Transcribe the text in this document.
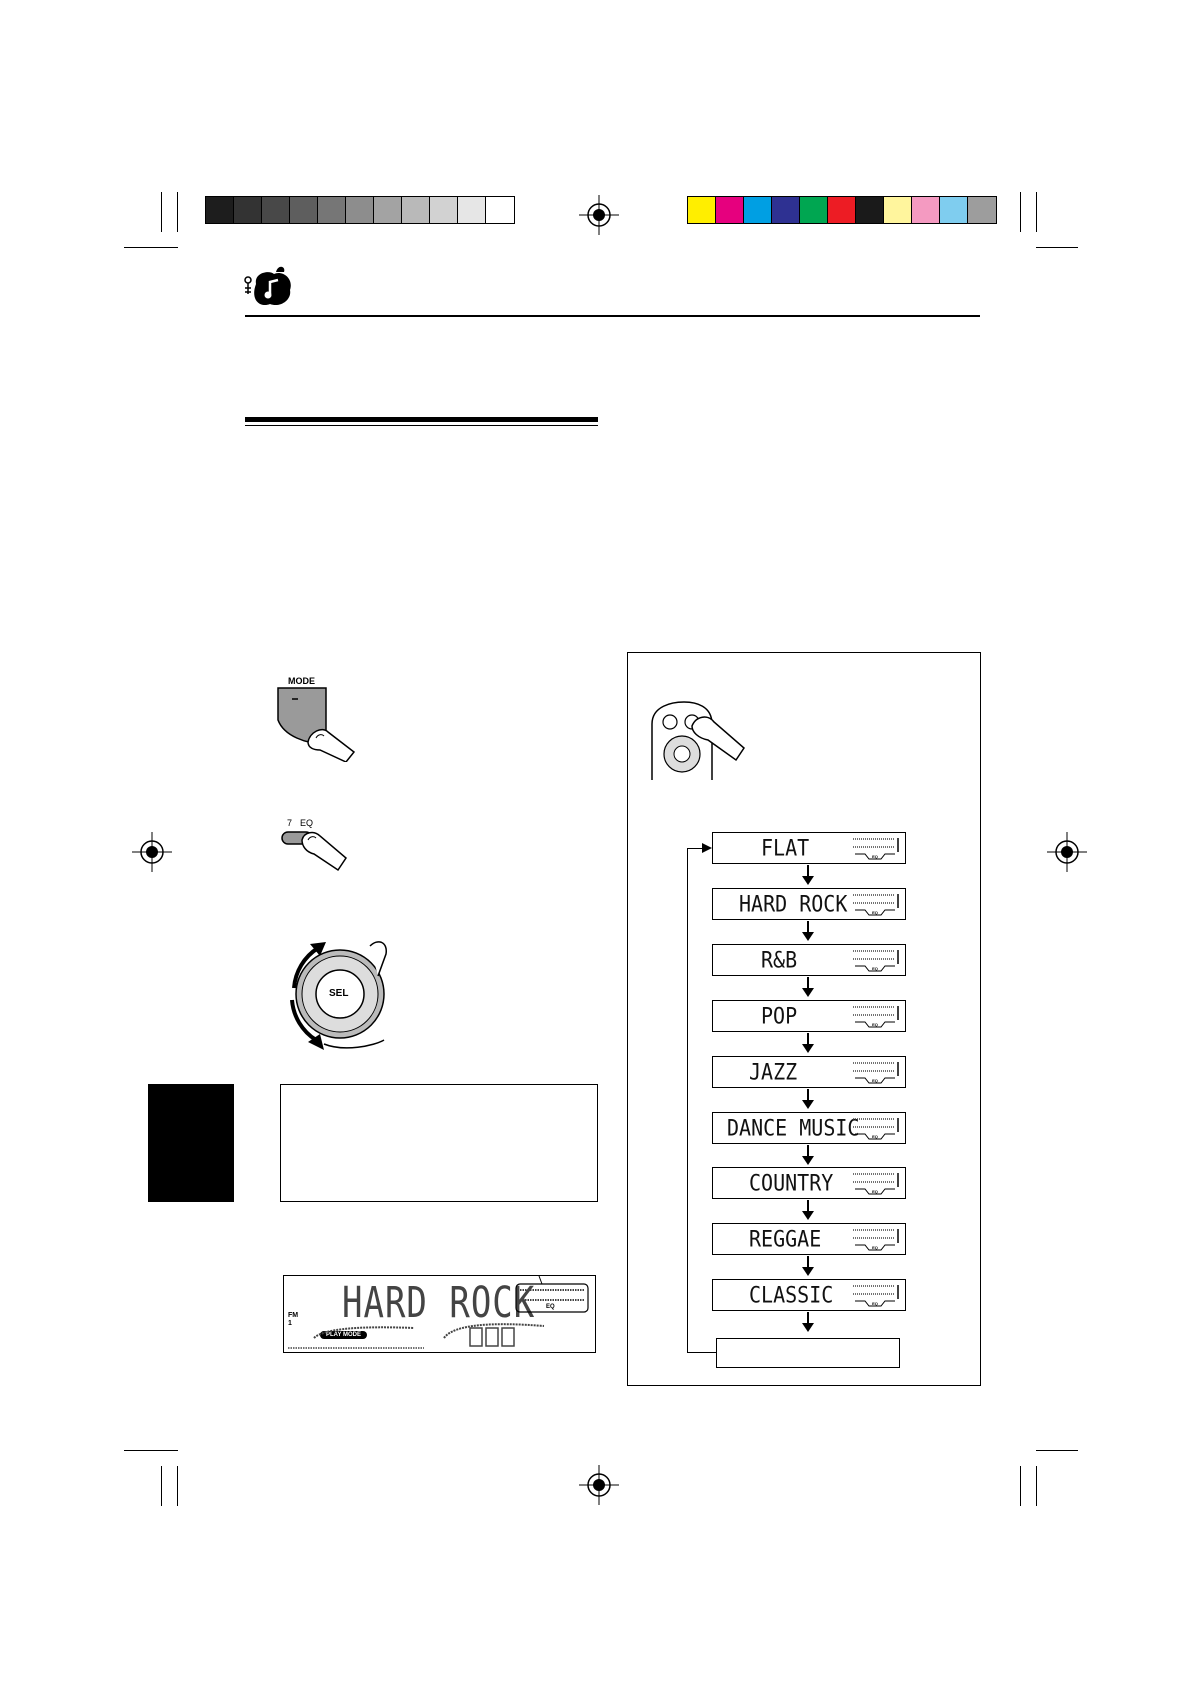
MODE
7 EQ
SEL
HARD ROCK
FM
1
PLAY MODE
EQ
FLAT	EQ
HARD ROCK	EQ
R&B	EQ
POP	EQ
JAZZ	EQ
DANCE MUSIC	EQ
COUNTRY	EQ
REGGAE	EQ
CLASSIC	EQ
